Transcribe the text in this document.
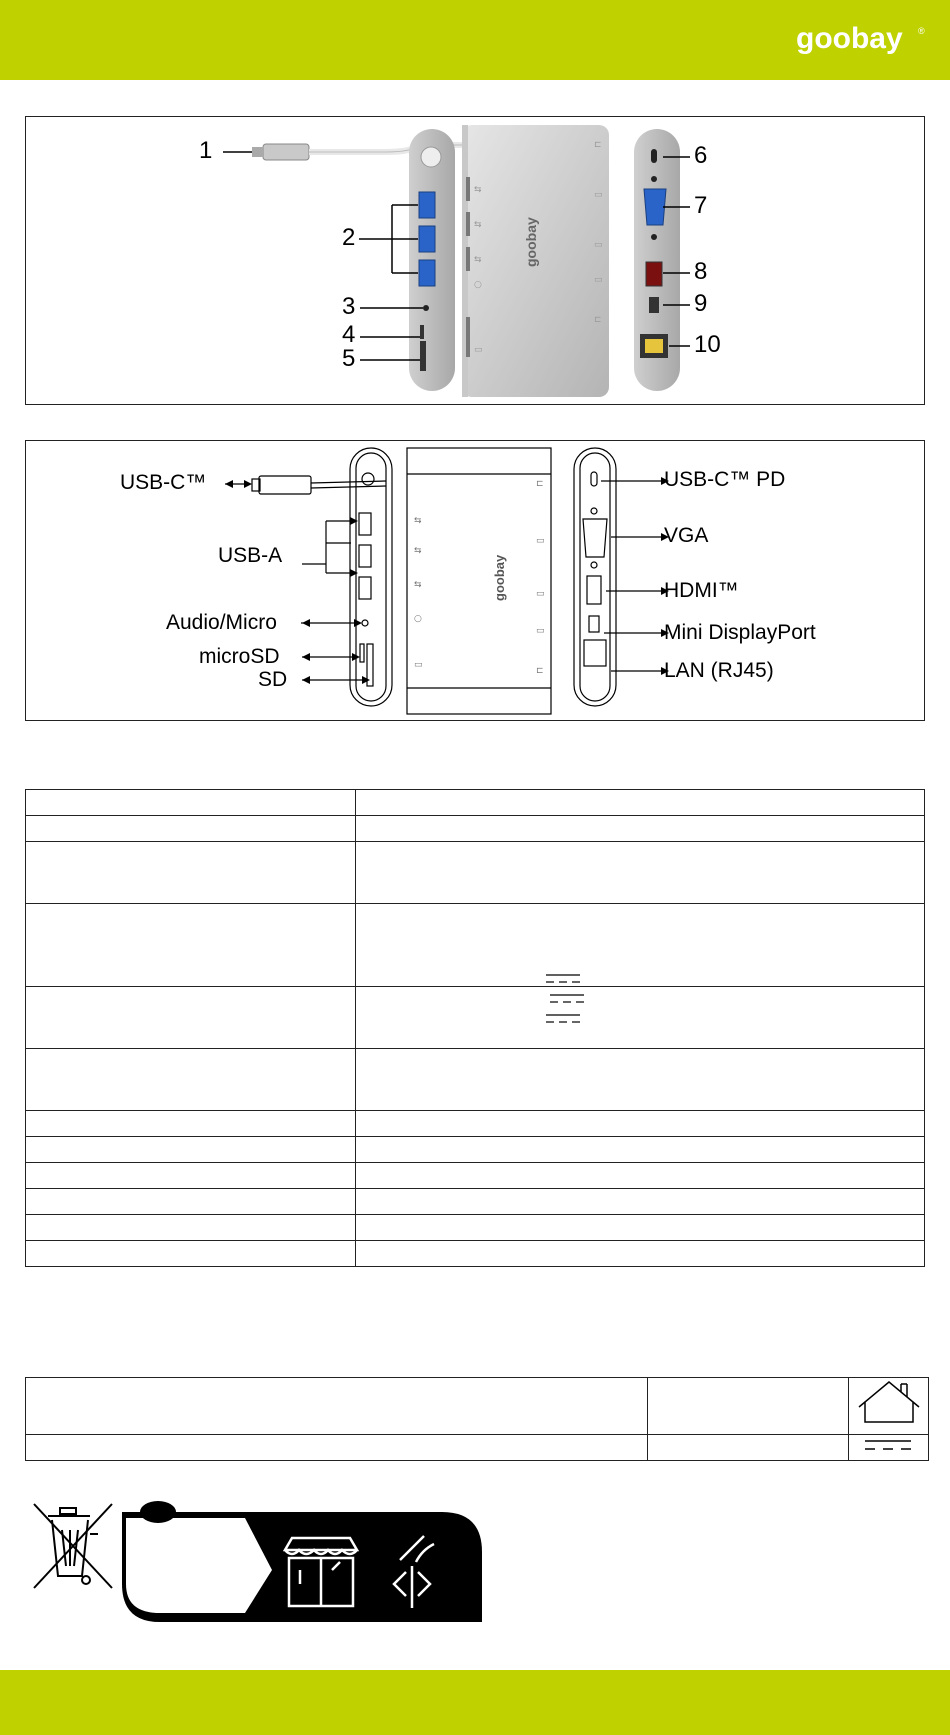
goobay ®
⇆
⇆
⇆
○
▭
⊏
▭
▭
▭
⊏
goobay
1
2
3
4
5
6
7
8
9
10
⇆
⇆
⇆
○
▭
⊏
▭
▭
▭
⊏
goobay
USB-C™
USB-A
Audio/Micro
microSD
SD
USB-C™ PD
VGA
HDMI™
Mini DisplayPort
LAN (RJ45)
